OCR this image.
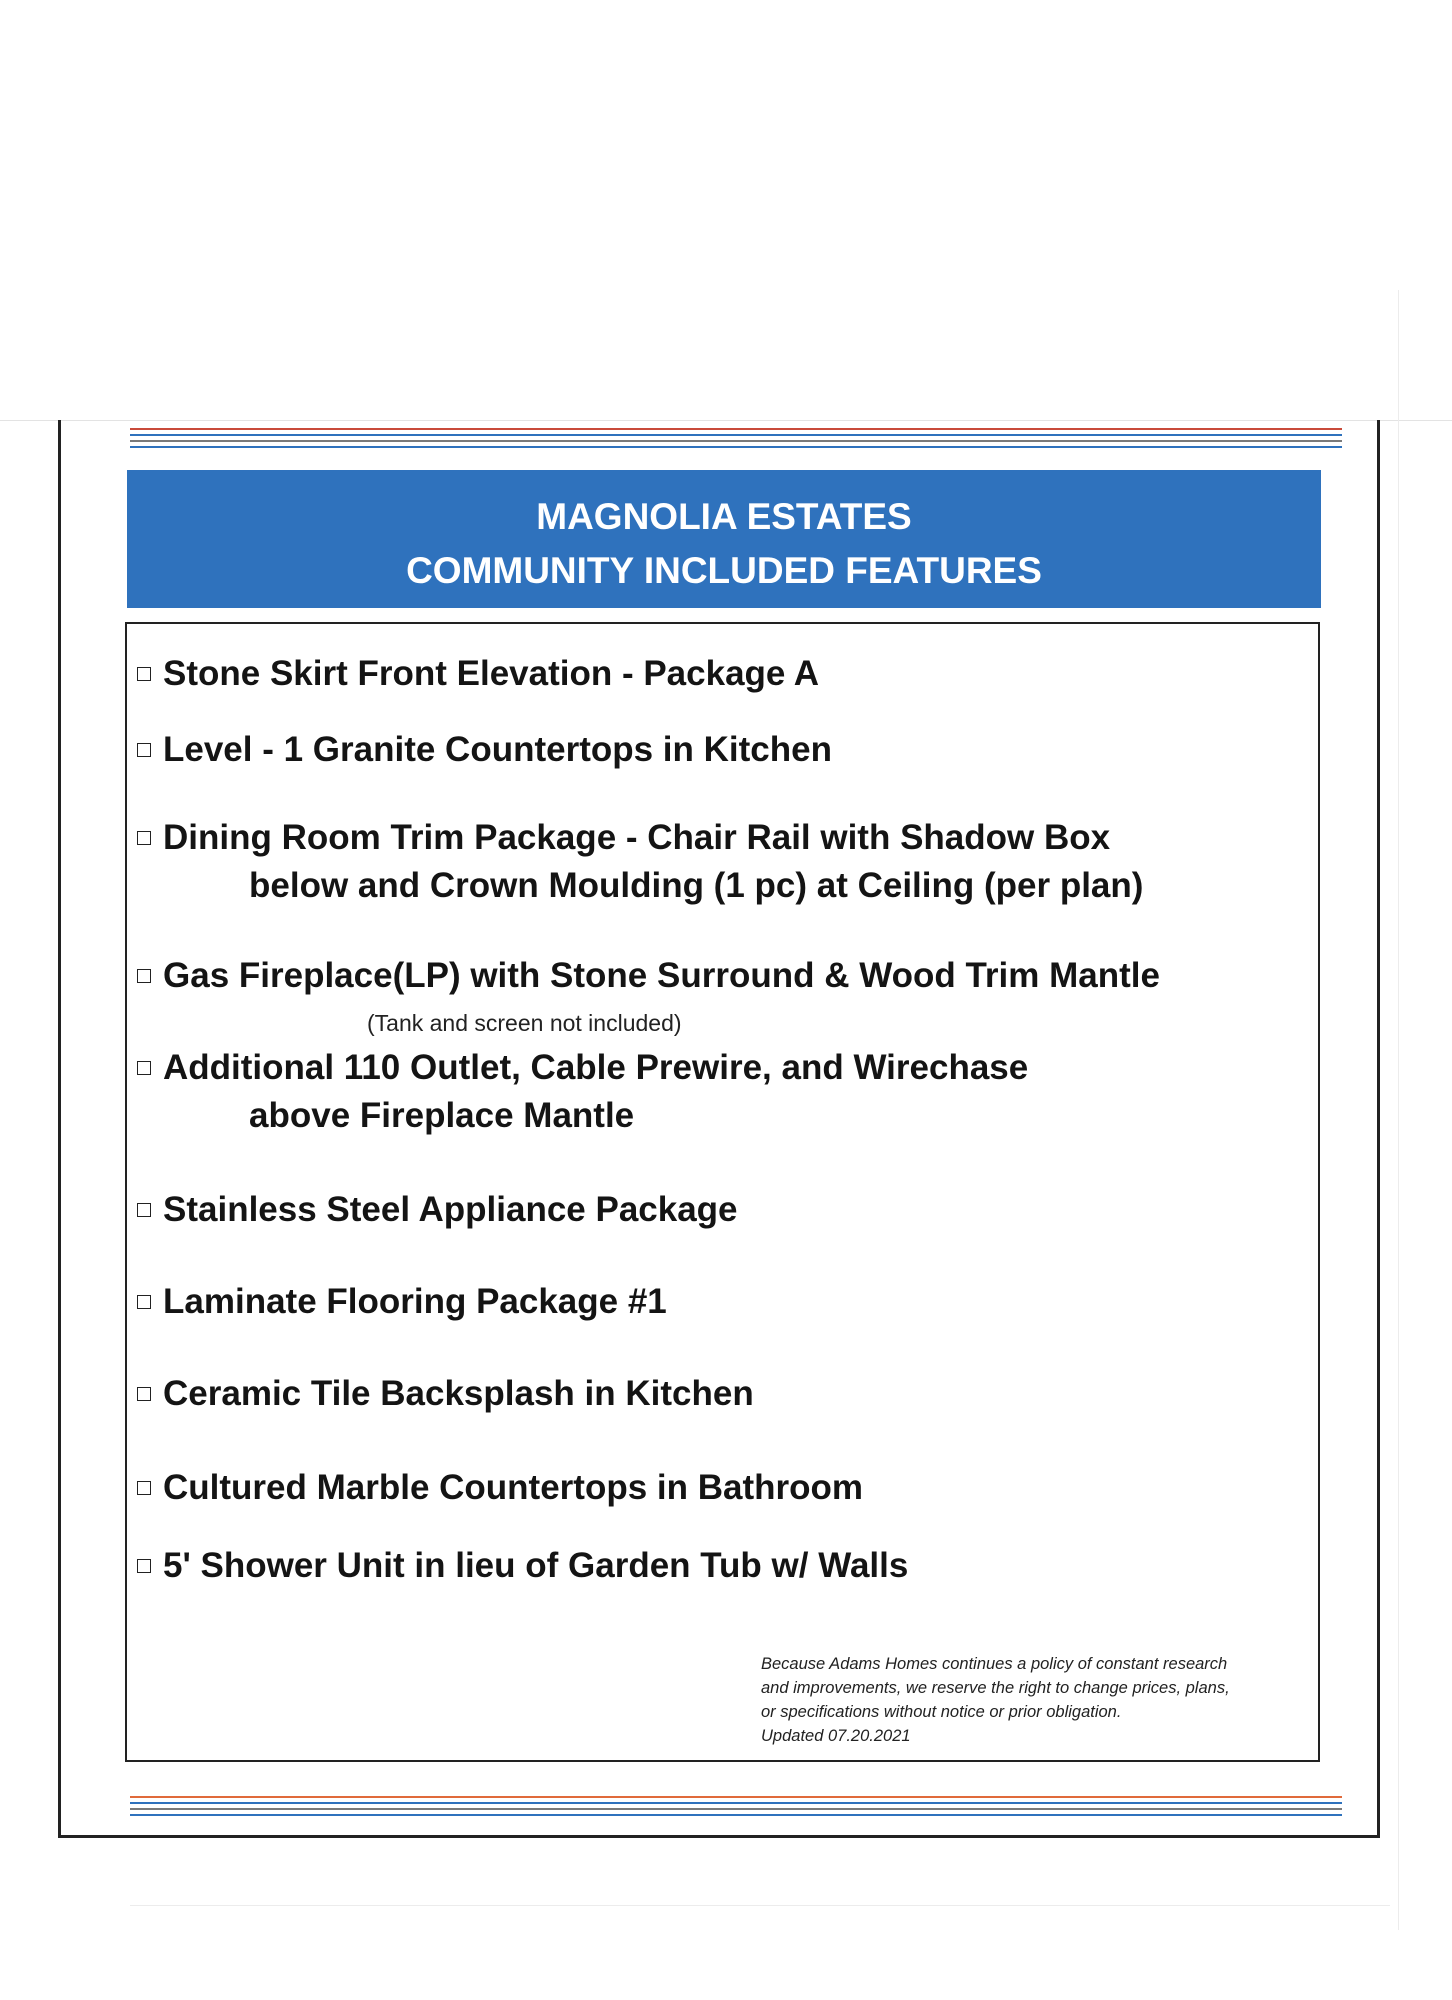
MAGNOLIA ESTATES
COMMUNITY INCLUDED FEATURES
Stone Skirt Front Elevation - Package A
Level - 1 Granite Countertops in Kitchen
Dining Room Trim Package - Chair Rail with Shadow Box
below and Crown Moulding (1 pc) at Ceiling (per plan)
Gas Fireplace(LP) with Stone Surround & Wood Trim Mantle
(Tank and screen not included)
Additional 110 Outlet, Cable Prewire, and Wirechase
above Fireplace Mantle
Stainless Steel Appliance Package
Laminate Flooring Package #1
Ceramic Tile Backsplash in Kitchen
Cultured Marble Countertops in Bathroom
5' Shower Unit in lieu of Garden Tub w/ Walls
Because Adams Homes continues a policy of constant research
and improvements, we reserve the right to change prices, plans,
or specifications without notice or prior obligation.
Updated 07.20.2021
